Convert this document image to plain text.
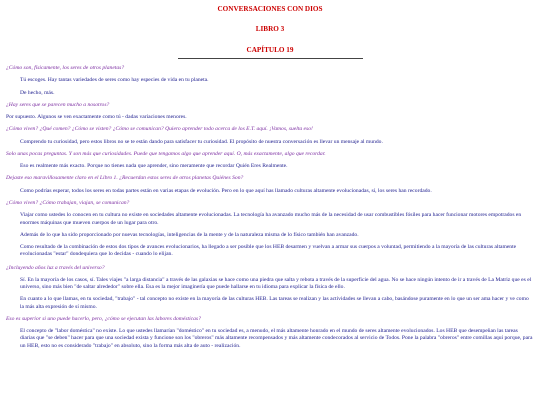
CONVERSACIONES CON DIOS
LIBRO 3
CAPÍTULO 19

¿Cómo son, físicamente, los seres de otros planetas?

Tú escoges. Hay tantas variedades de seres como hay especies de vida en tu planeta.

De hecho, más.

¿Hay seres que se parecen mucho a nosotros?

Por supuesto. Algunos se ven exactamente como tú - dadas variaciones menores.

¿Cómo viven? ¿Qué comen? ¿Cómo se visten? ¿Cómo se comunican? Quiero aprender todo acerca de los E.T. aquí. ¡Vamos, suelta eso!

Comprendo tu curiosidad, pero estos libros no se te están dando para satisfacer tu curiosidad. El propósito de nuestra conversación es llevar un mensaje al mundo.

Solo unas pocas preguntas. Y son más que curiosidades. Puede que tengamos algo que aprender aquí. O, más exactamente, algo que recordar.

Eso es realmente más exacto. Porque no tienes nada que aprender, sino meramente que recordar Quién Eres Realmente.

Dejaste eso maravillosamente claro en el Libro 1. ¿Recuerdan estos seres de otros planetas Quiénes Son?

Como podrías esperar, todos los seres en todas partes están en varias etapas de evolución. Pero en lo que aquí has llamado culturas altamente evolucionadas, sí, los seres han recordado.

¿Cómo viven? ¿Cómo trabajan, viajan, se comunican?

Viajar como ustedes lo conocen en tu cultura no existe en sociedades altamente evolucionadas. La tecnología ha avanzado mucho más de la necesidad de usar combustibles fósiles para hacer funcionar motores empotrados en enormes máquinas que mueven cuerpos de un lugar para otro.

Además de lo que ha sido proporcionado por nuevas tecnologías, inteligencias de la mente y de la naturaleza misma de lo físico también han avanzado.

Como resultado de la combinación de estos dos tipos de avances evolucionarios, ha llegado a ser posible que los HEB desarmen y vuelvan a armar sus cuerpos a voluntad, permitiendo a la mayoría de las culturas altamente evolucionadas "estar" dondequiera que lo decidas - cuando lo elijan.

¿Incluyendo años luz a través del universo?

Sí. En la mayoría de los casos, sí. Tales viajes "a larga distancia" a través de las galaxias se hace como una piedra que salta y rebota a través de la superficie del agua. No se hace ningún intento de ir a través de La Matriz que es el universo, sino más bien "de saltar alrededor" sobre ella. Esa es la mejor imaginería que puede hallarse en tu idioma para explicar la física de ello.

En cuanto a lo que llamas, en tu sociedad, "trabajo" - tal concepto no existe en la mayoría de las culturas HEB. Las tareas se realizan y las actividades se llevan a cabo, basándose puramente en lo que un ser ama hacer y ve como la más alta expresión de sí mismo.

Eso es superior si uno puede hacerlo, pero, ¿cómo se ejecutan las labores domésticas?

El concepto de "labor doméstica" no existe. Lo que ustedes llamarían "doméstico" en tu sociedad es, a menudo, el más altamente honrado en el mundo de seres altamente evolucionados. Los HEB que desempeñan las tareas diarias que "se deben" hacer para que una sociedad exista y funcione son los "obreros" más altamente recompensados y más altamente condecorados al servicio de Todos. Pone la palabra "obreros" entre comillas aquí porque, para un HEB, esto no es considerado "trabajo" en absoluto, sino la forma más alta de auto - realización.
